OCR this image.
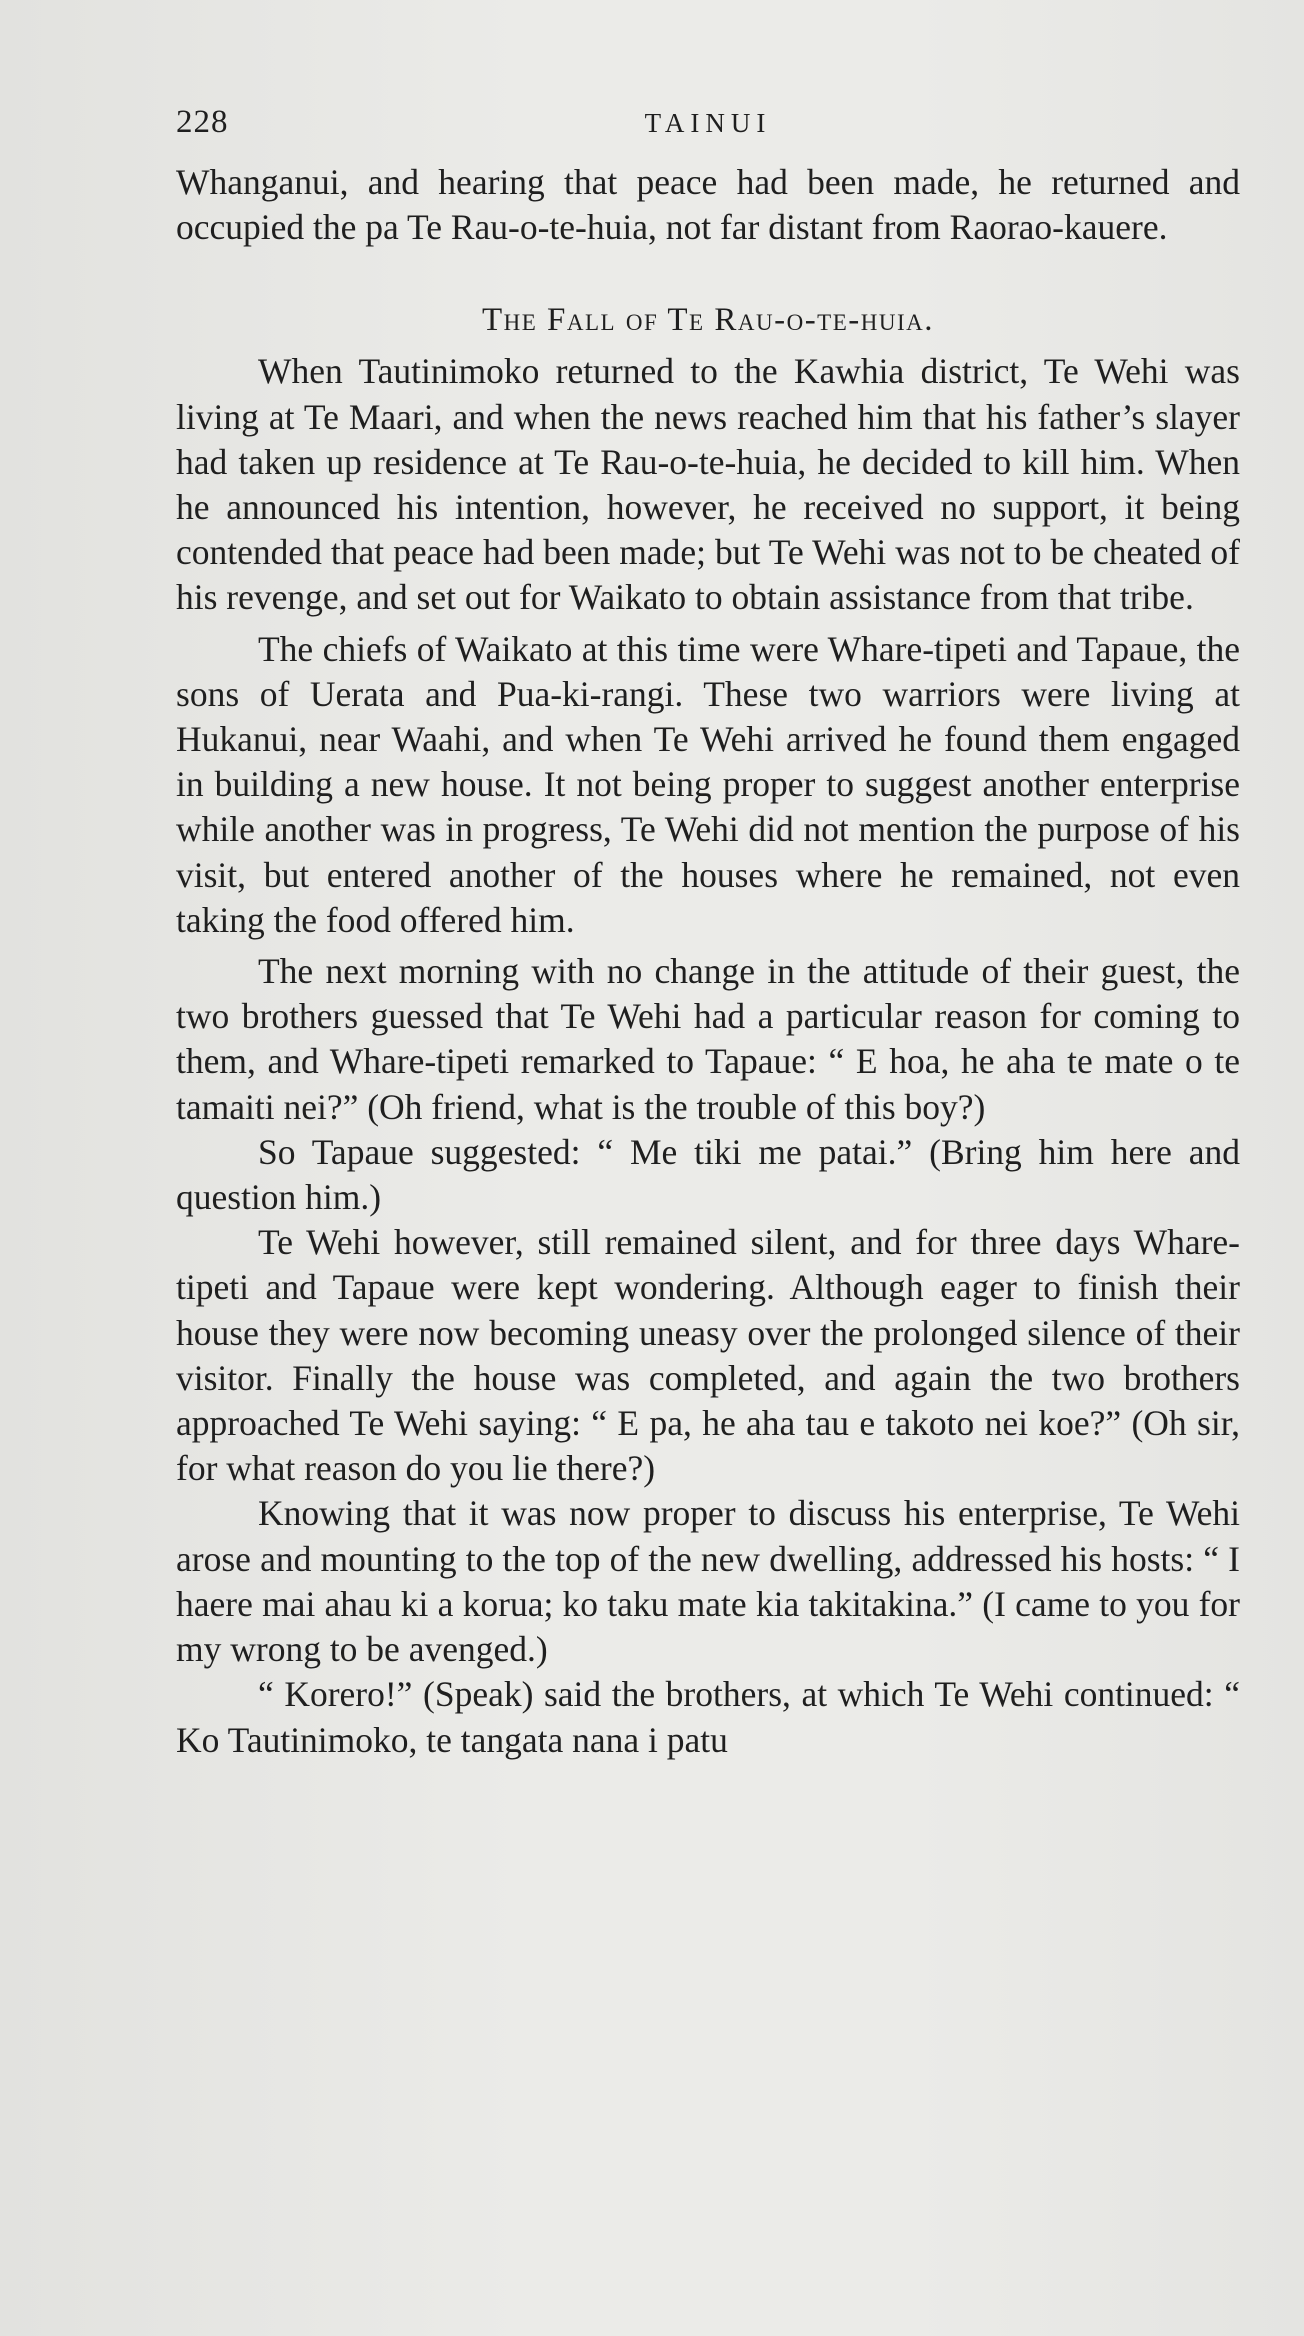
228	TAINUI

Whanganui, and hearing that peace had been made, he returned and occupied the pa Te Rau-o-te-huia, not far distant from Raorao-kauere.

The Fall of Te Rau-o-te-huia.

When Tautinimoko returned to the Kawhia district, Te Wehi was living at Te Maari, and when the news reached him that his father’s slayer had taken up residence at Te Rau-o-te-huia, he decided to kill him. When he announced his intention, however, he received no support, it being contended that peace had been made; but Te Wehi was not to be cheated of his revenge, and set out for Waikato to obtain assistance from that tribe.

The chiefs of Waikato at this time were Whare-tipeti and Tapaue, the sons of Uerata and Pua-ki-rangi. These two warriors were living at Hukanui, near Waahi, and when Te Wehi arrived he found them engaged in building a new house. It not being proper to suggest another enterprise while another was in progress, Te Wehi did not mention the purpose of his visit, but entered another of the houses where he remained, not even taking the food offered him.

The next morning with no change in the attitude of their guest, the two brothers guessed that Te Wehi had a particular reason for coming to them, and Whare-tipeti remarked to Tapaue: “ E hoa, he aha te mate o te tamaiti nei?” (Oh friend, what is the trouble of this boy?)

So Tapaue suggested: “ Me tiki me patai.” (Bring him here and question him.)

Te Wehi however, still remained silent, and for three days Whare-tipeti and Tapaue were kept wondering. Although eager to finish their house they were now becoming uneasy over the prolonged silence of their visitor. Finally the house was completed, and again the two brothers approached Te Wehi saying: “ E pa, he aha tau e takoto nei koe?” (Oh sir, for what reason do you lie there?)

Knowing that it was now proper to discuss his enterprise, Te Wehi arose and mounting to the top of the new dwelling, addressed his hosts: “ I haere mai ahau ki a korua; ko taku mate kia takitakina.” (I came to you for my wrong to be avenged.)

“ Korero!” (Speak) said the brothers, at which Te Wehi continued: “ Ko Tautinimoko, te tangata nana i patu
